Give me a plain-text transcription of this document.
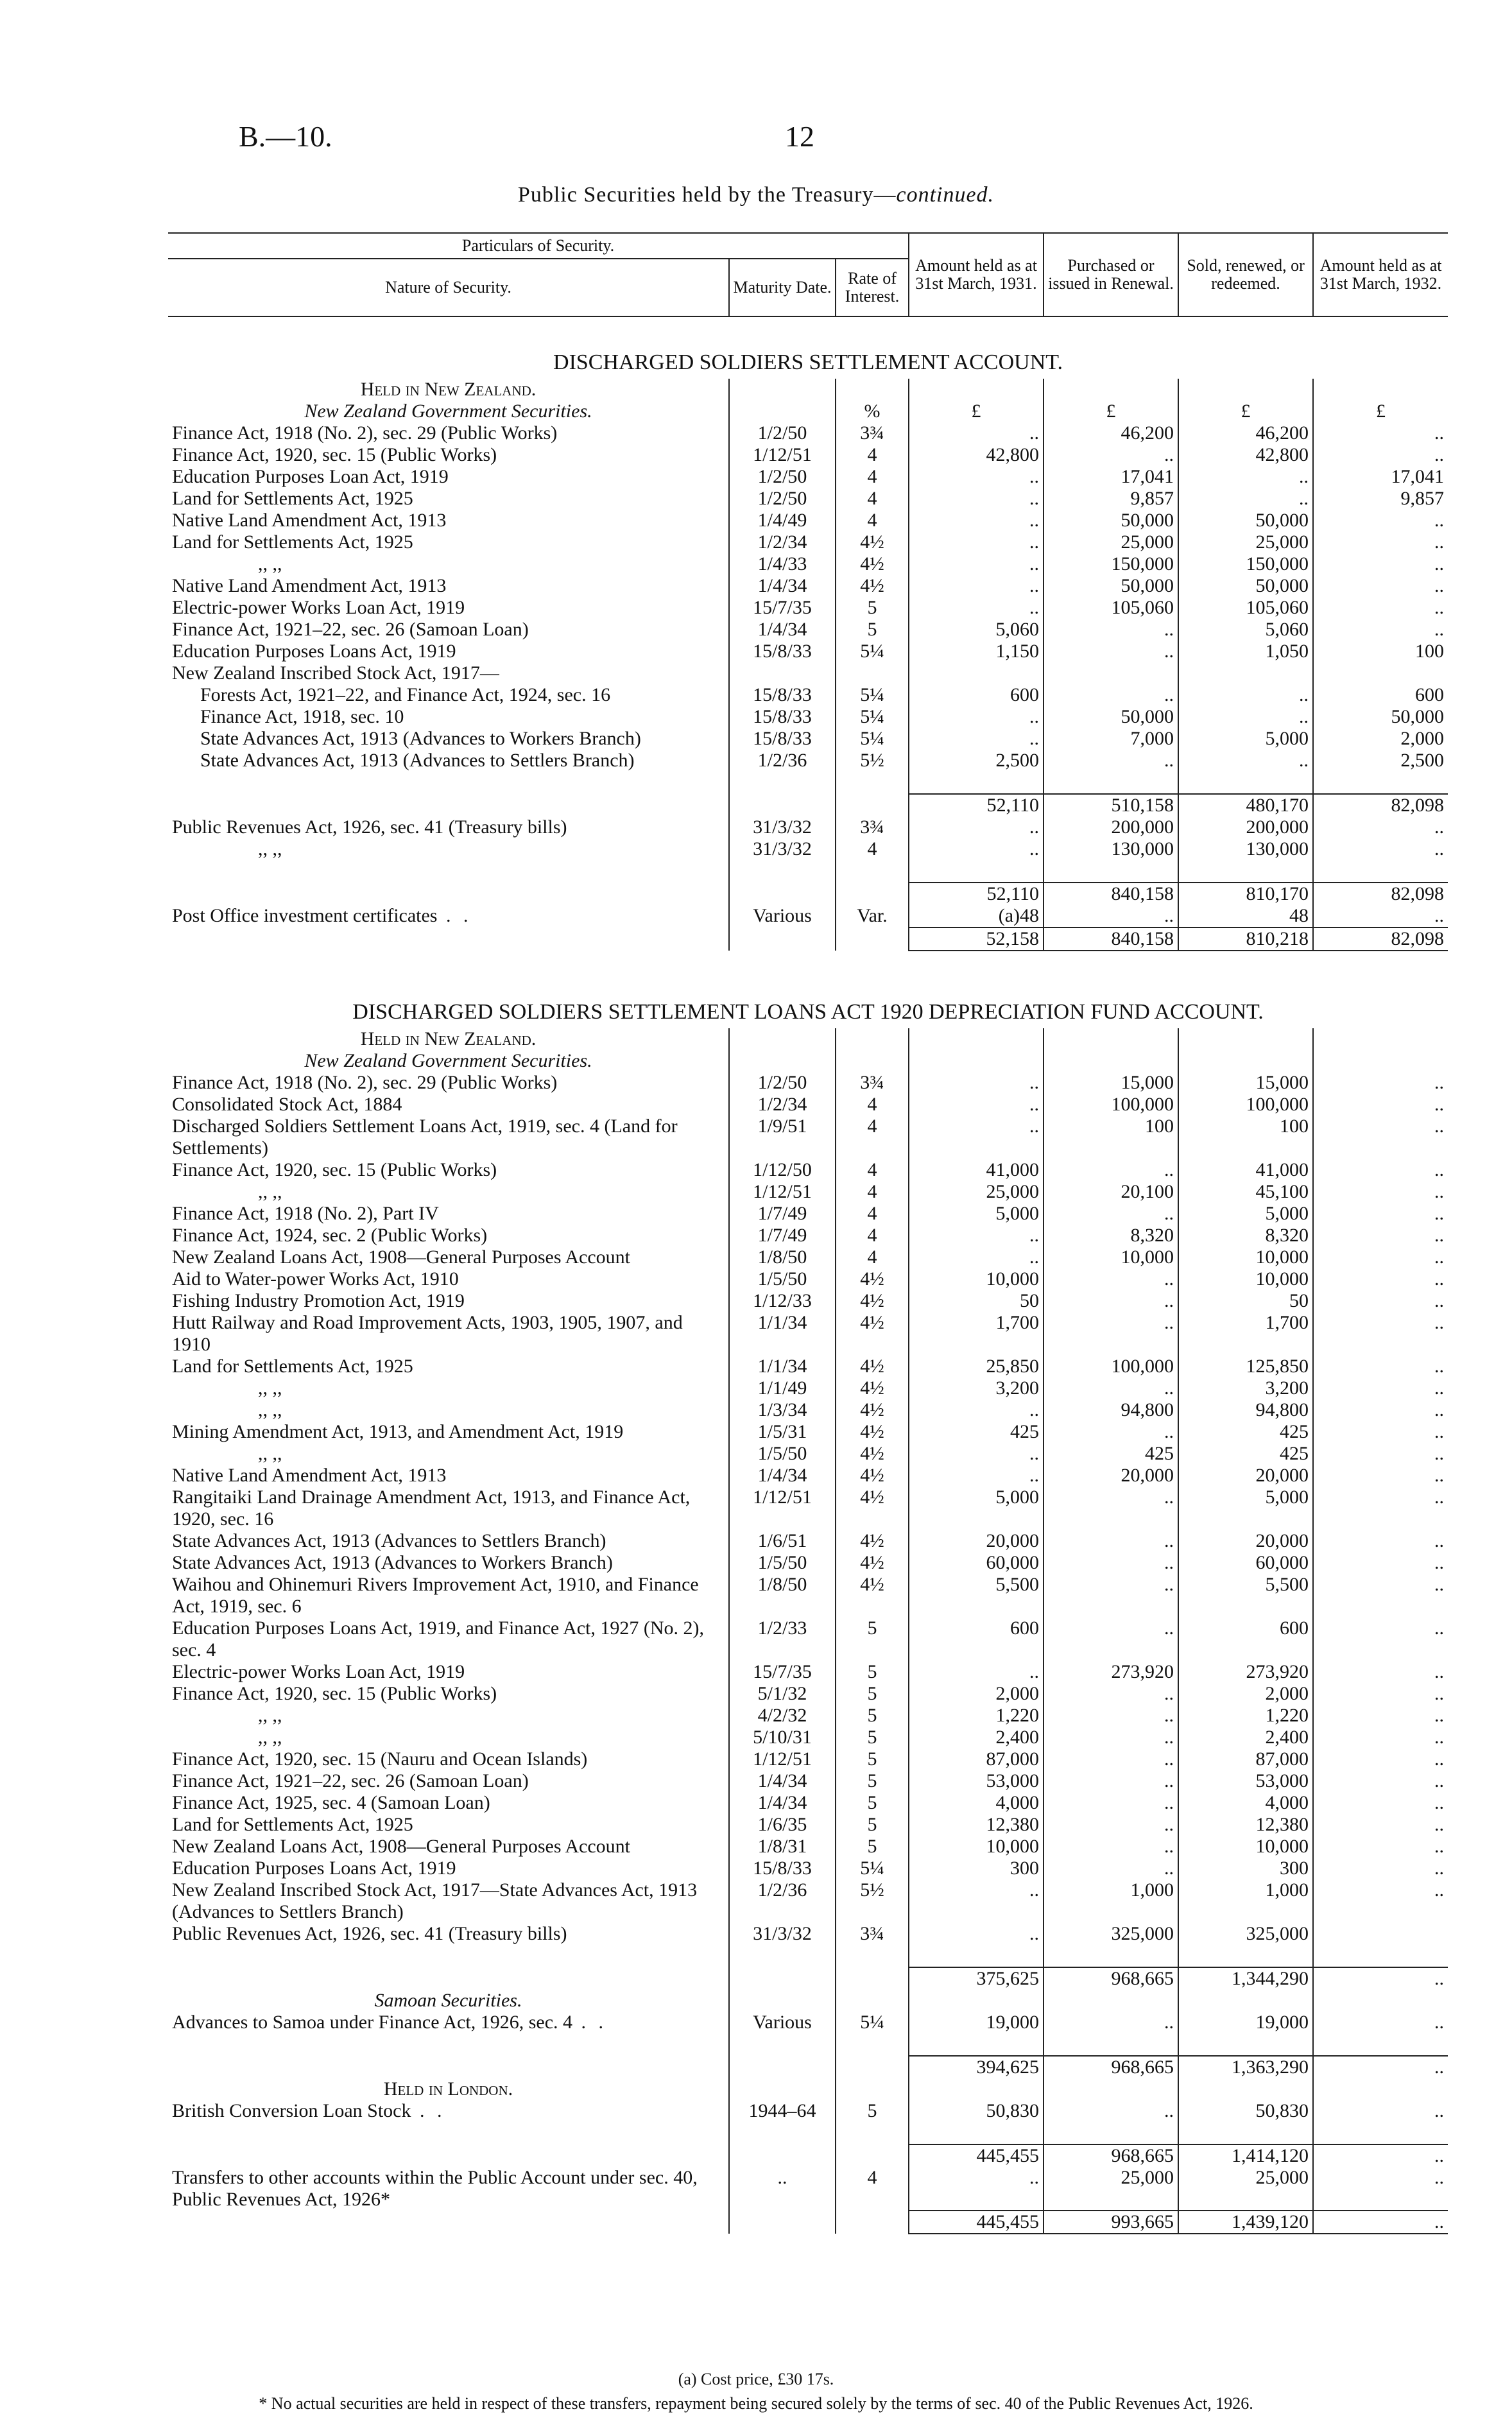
B.—10.	12
Public Securities held by the Treasury—continued.
Particulars of Security.			Amount held as at 31st March, 1931.	Purchased or issued in Renewal.	Sold, renewed, or redeemed.	Amount held as at 31st March, 1932.
Nature of Security.	Maturity Date.	Rate of Interest.				
DISCHARGED SOLDIERS SETTLEMENT ACCOUNT.						
Held in New Zealand.						
New Zealand Government Securities.		%	£	£	£	£
Finance Act, 1918 (No. 2), sec. 29 (Public Works)	1/2/50	3¾	..	46,200	46,200	..
Finance Act, 1920, sec. 15 (Public Works)	1/12/51	4	42,800	..	42,800	..
Education Purposes Loan Act, 1919	1/2/50	4	..	17,041	..	17,041
Land for Settlements Act, 1925	1/2/50	4	..	9,857	..	9,857
Native Land Amendment Act, 1913	1/4/49	4	..	50,000	50,000	..
Land for Settlements Act, 1925	1/2/34	4½	..	25,000	25,000	..
,, ,,	1/4/33	4½	..	150,000	150,000	..
Native Land Amendment Act, 1913	1/4/34	4½	..	50,000	50,000	..
Electric-power Works Loan Act, 1919	15/7/35	5	..	105,060	105,060	..
Finance Act, 1921–22, sec. 26 (Samoan Loan)	1/4/34	5	5,060	..	5,060	..
Education Purposes Loans Act, 1919	15/8/33	5¼	1,150	..	1,050	100
New Zealand Inscribed Stock Act, 1917—						
Forests Act, 1921–22, and Finance Act, 1924, sec. 16	15/8/33	5¼	600	..	..	600
Finance Act, 1918, sec. 10	15/8/33	5¼	..	50,000	..	50,000
State Advances Act, 1913 (Advances to Workers Branch)	15/8/33	5¼	..	7,000	5,000	2,000
State Advances Act, 1913 (Advances to Settlers Branch)	1/2/36	5½	2,500	..	..	2,500

			52,110	510,158	480,170	82,098
Public Revenues Act, 1926, sec. 41 (Treasury bills)	31/3/32	3¾	..	200,000	200,000	..
,, ,,	31/3/32	4	..	130,000	130,000	..

			52,110	840,158	810,170	82,098
Post Office investment certificates . .	Various	Var.	(a)48	..	48	..
			52,158	840,158	810,218	82,098
DISCHARGED SOLDIERS SETTLEMENT LOANS ACT 1920 DEPRECIATION FUND ACCOUNT.						
Held in New Zealand.						
New Zealand Government Securities.						
Finance Act, 1918 (No. 2), sec. 29 (Public Works)	1/2/50	3¾	..	15,000	15,000	..
Consolidated Stock Act, 1884	1/2/34	4	..	100,000	100,000	..
Discharged Soldiers Settlement Loans Act, 1919, sec. 4 (Land for Settlements)	1/9/51	4	..	100	100	..
Finance Act, 1920, sec. 15 (Public Works)	1/12/50	4	41,000	..	41,000	..
,, ,,	1/12/51	4	25,000	20,100	45,100	..
Finance Act, 1918 (No. 2), Part IV	1/7/49	4	5,000	..	5,000	..
Finance Act, 1924, sec. 2 (Public Works)	1/7/49	4	..	8,320	8,320	..
New Zealand Loans Act, 1908—General Purposes Account	1/8/50	4	..	10,000	10,000	..
Aid to Water-power Works Act, 1910	1/5/50	4½	10,000	..	10,000	..
Fishing Industry Promotion Act, 1919	1/12/33	4½	50	..	50	..
Hutt Railway and Road Improvement Acts, 1903, 1905, 1907, and 1910	1/1/34	4½	1,700	..	1,700	..
Land for Settlements Act, 1925	1/1/34	4½	25,850	100,000	125,850	..
,, ,,	1/1/49	4½	3,200	..	3,200	..
,, ,,	1/3/34	4½	..	94,800	94,800	..
Mining Amendment Act, 1913, and Amendment Act, 1919	1/5/31	4½	425	..	425	..
,, ,,	1/5/50	4½	..	425	425	..
Native Land Amendment Act, 1913	1/4/34	4½	..	20,000	20,000	..
Rangitaiki Land Drainage Amendment Act, 1913, and Finance Act, 1920, sec. 16	1/12/51	4½	5,000	..	5,000	..
State Advances Act, 1913 (Advances to Settlers Branch)	1/6/51	4½	20,000	..	20,000	..
State Advances Act, 1913 (Advances to Workers Branch)	1/5/50	4½	60,000	..	60,000	..
Waihou and Ohinemuri Rivers Improvement Act, 1910, and Finance Act, 1919, sec. 6	1/8/50	4½	5,500	..	5,500	..
Education Purposes Loans Act, 1919, and Finance Act, 1927 (No. 2), sec. 4	1/2/33	5	600	..	600	..
Electric-power Works Loan Act, 1919	15/7/35	5	..	273,920	273,920	..
Finance Act, 1920, sec. 15 (Public Works)	5/1/32	5	2,000	..	2,000	..
,, ,,	4/2/32	5	1,220	..	1,220	..
,, ,,	5/10/31	5	2,400	..	2,400	..
Finance Act, 1920, sec. 15 (Nauru and Ocean Islands)	1/12/51	5	87,000	..	87,000	..
Finance Act, 1921–22, sec. 26 (Samoan Loan)	1/4/34	5	53,000	..	53,000	..
Finance Act, 1925, sec. 4 (Samoan Loan)	1/4/34	5	4,000	..	4,000	..
Land for Settlements Act, 1925	1/6/35	5	12,380	..	12,380	..
New Zealand Loans Act, 1908—General Purposes Account	1/8/31	5	10,000	..	10,000	..
Education Purposes Loans Act, 1919	15/8/33	5¼	300	..	300	..
New Zealand Inscribed Stock Act, 1917—State Advances Act, 1913 (Advances to Settlers Branch)	1/2/36	5½	..	1,000	1,000	..
Public Revenues Act, 1926, sec. 41 (Treasury bills)	31/3/32	3¾	..	325,000	325,000	

			375,625	968,665	1,344,290	..
Samoan Securities.						
Advances to Samoa under Finance Act, 1926, sec. 4 . .	Various	5¼	19,000	..	19,000	..

			394,625	968,665	1,363,290	..
Held in London.						
British Conversion Loan Stock . .	1944–64	5	50,830	..	50,830	..

			445,455	968,665	1,414,120	..
Transfers to other accounts within the Public Account under sec. 40, Public Revenues Act, 1926*	..	4	..	25,000	25,000	..
			445,455	993,665	1,439,120	..
(a) Cost price, £30 17s.
* No actual securities are held in respect of these transfers, repayment being secured solely by the terms of sec. 40 of the Public Revenues Act, 1926.
